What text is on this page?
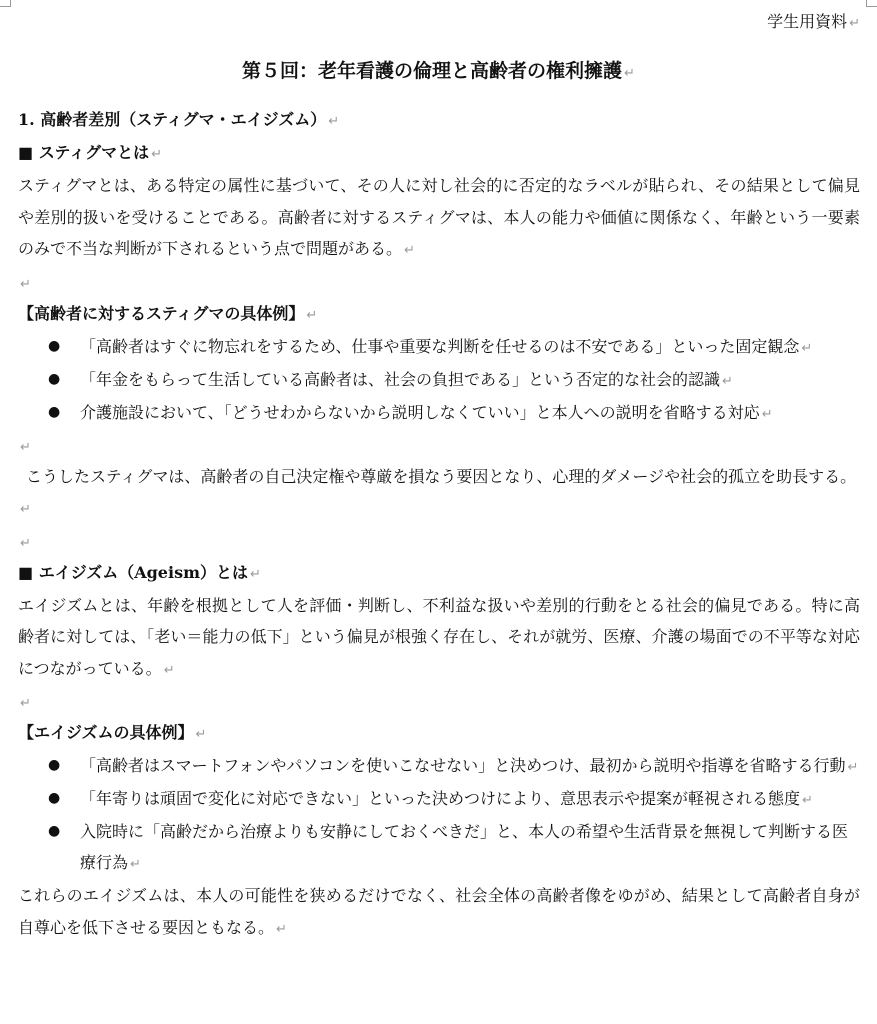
学生用資料 ↵
第５回：老年看護の倫理と高齢者の権利擁護 ↵
1. 高齢者差別（スティグマ・エイジズム） ↵
■ スティグマとは ↵
スティグマとは、ある特定の属性に基づいて、その人に対し社会的に否定的なラベルが貼られ、その結果として偏見や差別的扱いを受けることである。高齢者に対するスティグマは、本人の能力や価値に関係なく、年齢という一要素のみで不当な判断が下されるという点で問題がある。 ↵
↵
【高齢者に対するスティグマの具体例】 ↵
● 「高齢者はすぐに物忘れをするため、仕事や重要な判断を任せるのは不安である」といった固定観念 ↵
● 「年金をもらって生活している高齢者は、社会の負担である」という否定的な社会的認識 ↵
● 介護施設において、「どうせわからないから説明しなくていい」と本人への説明を省略する対応 ↵
↵
こうしたスティグマは、高齢者の自己決定権や尊厳を損なう要因となり、心理的ダメージや社会的孤立を助長する。↵
↵
■ エイジズム（Ageism）とは ↵
エイジズムとは、年齢を根拠として人を評価・判断し、不利益な扱いや差別的行動をとる社会的偏見である。特に高齢者に対しては、「老い＝能力の低下」という偏見が根強く存在し、それが就労、医療、介護の場面での不平等な対応につながっている。 ↵
↵
【エイジズムの具体例】 ↵
● 「高齢者はスマートフォンやパソコンを使いこなせない」と決めつけ、最初から説明や指導を省略する行動 ↵
● 「年寄りは頑固で変化に対応できない」といった決めつけにより、意思表示や提案が軽視される態度 ↵
● 入院時に「高齢だから治療よりも安静にしておくべきだ」と、本人の希望や生活背景を無視して判断する医療行為 ↵
これらのエイジズムは、本人の可能性を狭めるだけでなく、社会全体の高齢者像をゆがめ、結果として高齢者自身が自尊心を低下させる要因ともなる。 ↵
